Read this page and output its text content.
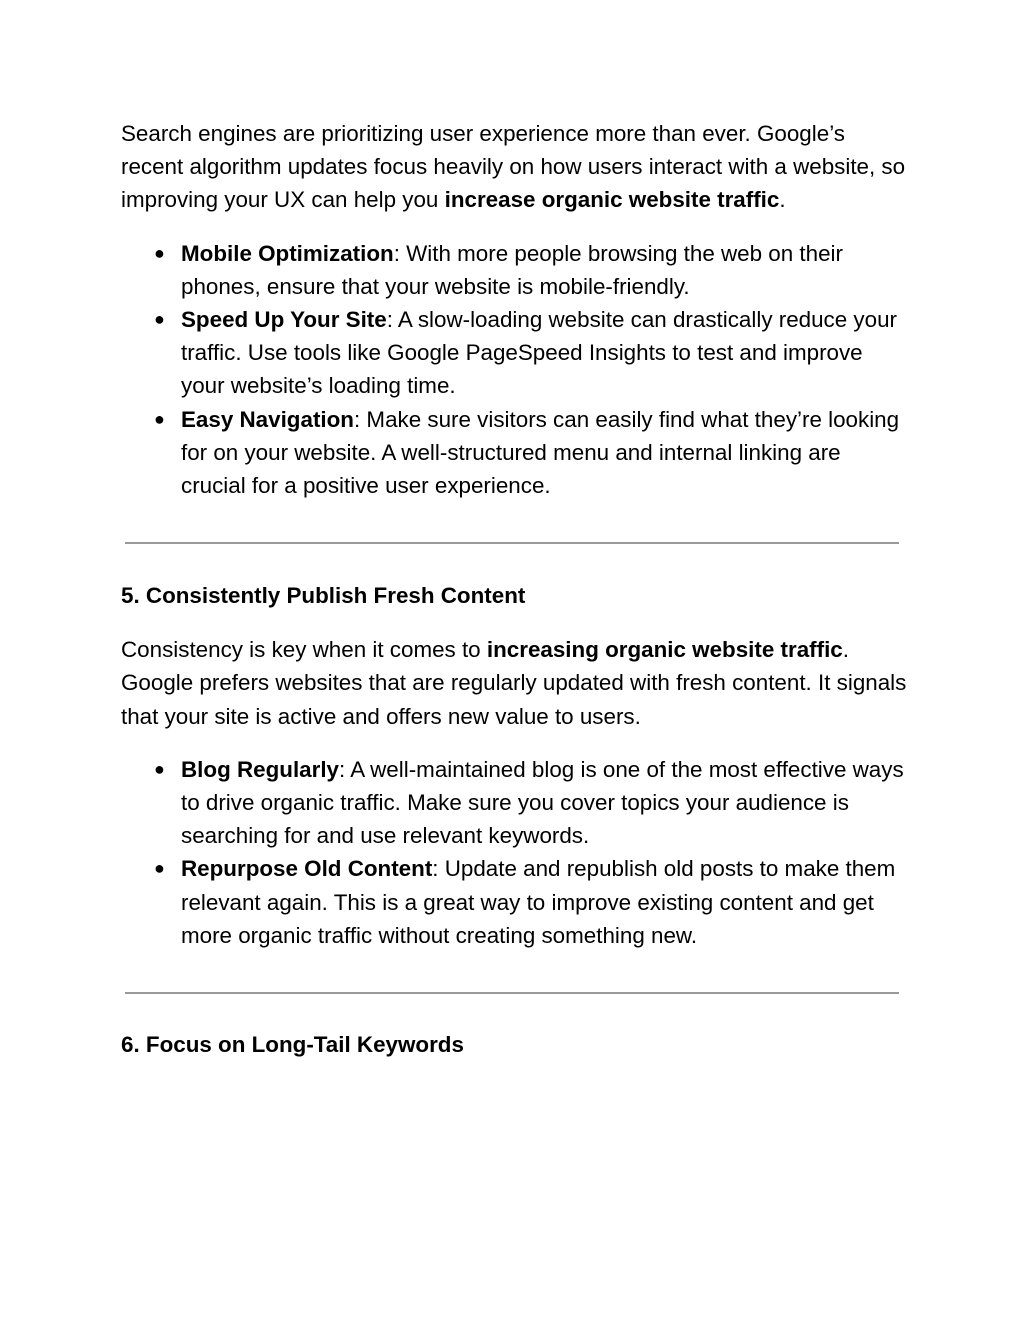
Search engines are prioritizing user experience more than ever. Google’s recent algorithm updates focus heavily on how users interact with a website, so improving your UX can help you increase organic website traffic.

● Mobile Optimization: With more people browsing the web on their phones, ensure that your website is mobile-friendly.
● Speed Up Your Site: A slow-loading website can drastically reduce your traffic. Use tools like Google PageSpeed Insights to test and improve your website’s loading time.
● Easy Navigation: Make sure visitors can easily find what they’re looking for on your website. A well-structured menu and internal linking are crucial for a positive user experience.
5. Consistently Publish Fresh Content

Consistency is key when it comes to increasing organic website traffic. Google prefers websites that are regularly updated with fresh content. It signals that your site is active and offers new value to users.

● Blog Regularly: A well-maintained blog is one of the most effective ways to drive organic traffic. Make sure you cover topics your audience is searching for and use relevant keywords.
● Repurpose Old Content: Update and republish old posts to make them relevant again. This is a great way to improve existing content and get more organic traffic without creating something new.
6. Focus on Long-Tail Keywords
